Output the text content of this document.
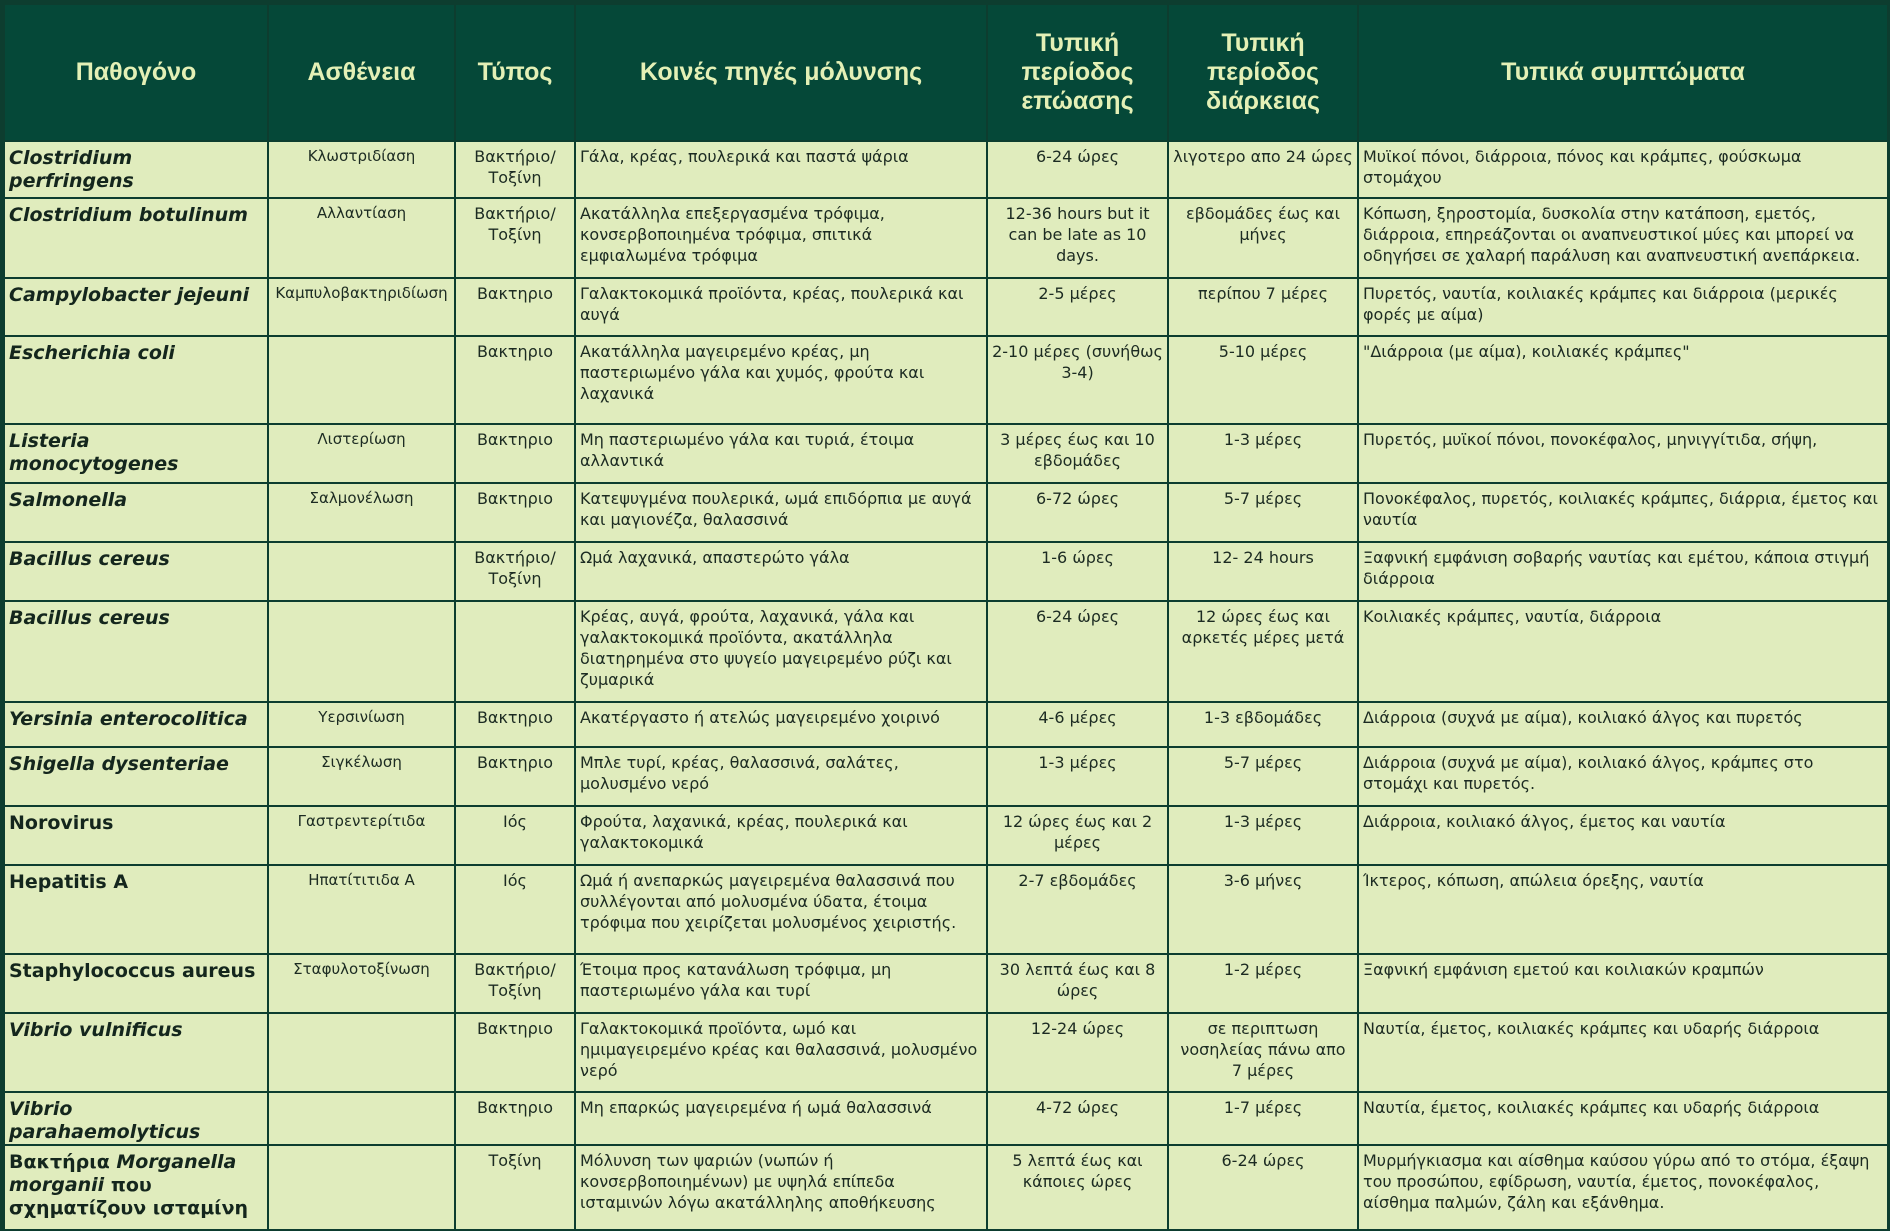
Παθογόνο	Ασθένεια	Τύπος	Κοινές πηγές μόλυνσης	Τυπική περίοδος επώασης	Τυπική περίοδος διάρκειας	Τυπικά συμπτώματα
Clostridium perfringens	Κλωστριδίαση	Βακτήριο/ Τοξίνη	Γάλα, κρέας, πουλερικά και παστά ψάρια	6-24 ώρες	λιγοτερο απο 24 ώρες	Μυϊκοί πόνοι, διάρροια, πόνος και κράμπες, φούσκωμα στομάχου
Clostridium botulinum	Αλλαντίαση	Βακτήριο/ Τοξίνη	Ακατάλληλα επεξεργασμένα τρόφιμα, κονσερβοποιημένα τρόφιμα, σπιτικά εμφιαλωμένα τρόφιμα	12-36 hours but it can be late as 10 days.	εβδομάδες έως και μήνες	Κόπωση, ξηροστομία, δυσκολία στην κατάποση, εμετός, διάρροια, επηρεάζονται οι αναπνευστικοί μύες και μπορεί να οδηγήσει σε χαλαρή παράλυση και αναπνευστική ανεπάρκεια.
Campylobacter jejeuni	Καμπυλοβακτηριδίωση	Βακτηριο	Γαλακτοκομικά προϊόντα, κρέας, πουλερικά και αυγά	2-5 μέρες	περίπου 7 μέρες	Πυρετός, ναυτία, κοιλιακές κράμπες και διάρροια (μερικές φορές με αίμα)
Escherichia coli		Βακτηριο	Ακατάλληλα μαγειρεμένο κρέας, μη παστεριωμένο γάλα και χυμός, φρούτα και λαχανικά	2-10 μέρες (συνήθως 3-4)	5-10 μέρες	"Διάρροια (με αίμα), κοιλιακές κράμπες"
Listeria monocytogenes	Λιστερίωση	Βακτηριο	Μη παστεριωμένο γάλα και τυριά, έτοιμα αλλαντικά	3 μέρες έως και 10 εβδομάδες	1-3 μέρες	Πυρετός, μυϊκοί πόνοι, πονοκέφαλος, μηνιγγίτιδα, σήψη,
Salmonella	Σαλμονέλωση	Βακτηριο	Κατεψυγμένα πουλερικά, ωμά επιδόρπια με αυγά και μαγιονέζα, θαλασσινά	6-72 ώρες	5-7 μέρες	Πονοκέφαλος, πυρετός, κοιλιακές κράμπες, διάρρια, έμετος και ναυτία
Bacillus cereus		Βακτήριο/ Τοξίνη	Ωμά λαχανικά, απαστερώτο γάλα	1-6 ώρες	12- 24 hours	Ξαφνική εμφάνιση σοβαρής ναυτίας και εμέτου, κάποια στιγμή διάρροια
Bacillus cereus			Κρέας, αυγά, φρούτα, λαχανικά, γάλα και γαλακτοκομικά προϊόντα, ακατάλληλα διατηρημένα στο ψυγείο μαγειρεμένο ρύζι και ζυμαρικά	6-24 ώρες	12 ώρες έως και αρκετές μέρες μετά	Κοιλιακές κράμπες, ναυτία, διάρροια
Yersinia enterocolitica	Υερσινίωση	Βακτηριο	Ακατέργαστο ή ατελώς μαγειρεμένο χοιρινό	4-6 μέρες	1-3 εβδομάδες	Διάρροια (συχνά με αίμα), κοιλιακό άλγος και πυρετός
Shigella dysenteriae	Σιγκέλωση	Βακτηριο	Μπλε τυρί, κρέας, θαλασσινά, σαλάτες, μολυσμένο νερό	1-3 μέρες	5-7 μέρες	Διάρροια (συχνά με αίμα), κοιλιακό άλγος, κράμπες στο στομάχι και πυρετός.
Norovirus	Γαστρεντερίτιδα	Ιός	Φρούτα, λαχανικά, κρέας, πουλερικά και γαλακτοκομικά	12 ώρες έως και 2 μέρες	1-3 μέρες	Διάρροια, κοιλιακό άλγος, έμετος και ναυτία
Hepatitis A	Ηπατίτιτιδα Α	Ιός	Ωμά ή ανεπαρκώς μαγειρεμένα θαλασσινά που συλλέγονται από μολυσμένα ύδατα, έτοιμα τρόφιμα που χειρίζεται μολυσμένος χειριστής.	2-7 εβδομάδες	3-6 μήνες	Ίκτερος, κόπωση, απώλεια όρεξης, ναυτία
Staphylococcus aureus	Σταφυλοτοξίνωση	Βακτήριο/ Τοξίνη	Έτοιμα προς κατανάλωση τρόφιμα, μη παστεριωμένο γάλα και τυρί	30 λεπτά έως και 8 ώρες	1-2 μέρες	Ξαφνική εμφάνιση εμετού και κοιλιακών κραμπών
Vibrio vulnificus		Βακτηριο	Γαλακτοκομικά προϊόντα, ωμό και ημιμαγειρεμένο κρέας και θαλασσινά, μολυσμένο νερό	12-24 ώρες	σε περιπτωση νοσηλείας πάνω απο 7 μέρες	Ναυτία, έμετος, κοιλιακές κράμπες και υδαρής διάρροια
Vibrio parahaemolyticus		Βακτηριο	Μη επαρκώς μαγειρεμένα ή ωμά θαλασσινά	4-72 ώρες	1-7 μέρες	Ναυτία, έμετος, κοιλιακές κράμπες και υδαρής διάρροια
Βακτήρια Morganella morganii που σχηματίζουν ισταμίνη		Τοξίνη	Μόλυνση των ψαριών (νωπών ή κονσερβοποιημένων) με υψηλά επίπεδα ισταμινών λόγω ακατάλληλης αποθήκευσης	5 λεπτά έως και κάποιες ώρες	6-24 ώρες	Μυρμήγκιασμα και αίσθημα καύσου γύρω από το στόμα, έξαψη του προσώπου, εφίδρωση, ναυτία, έμετος, πονοκέφαλος, αίσθημα παλμών, ζάλη και εξάνθημα.
